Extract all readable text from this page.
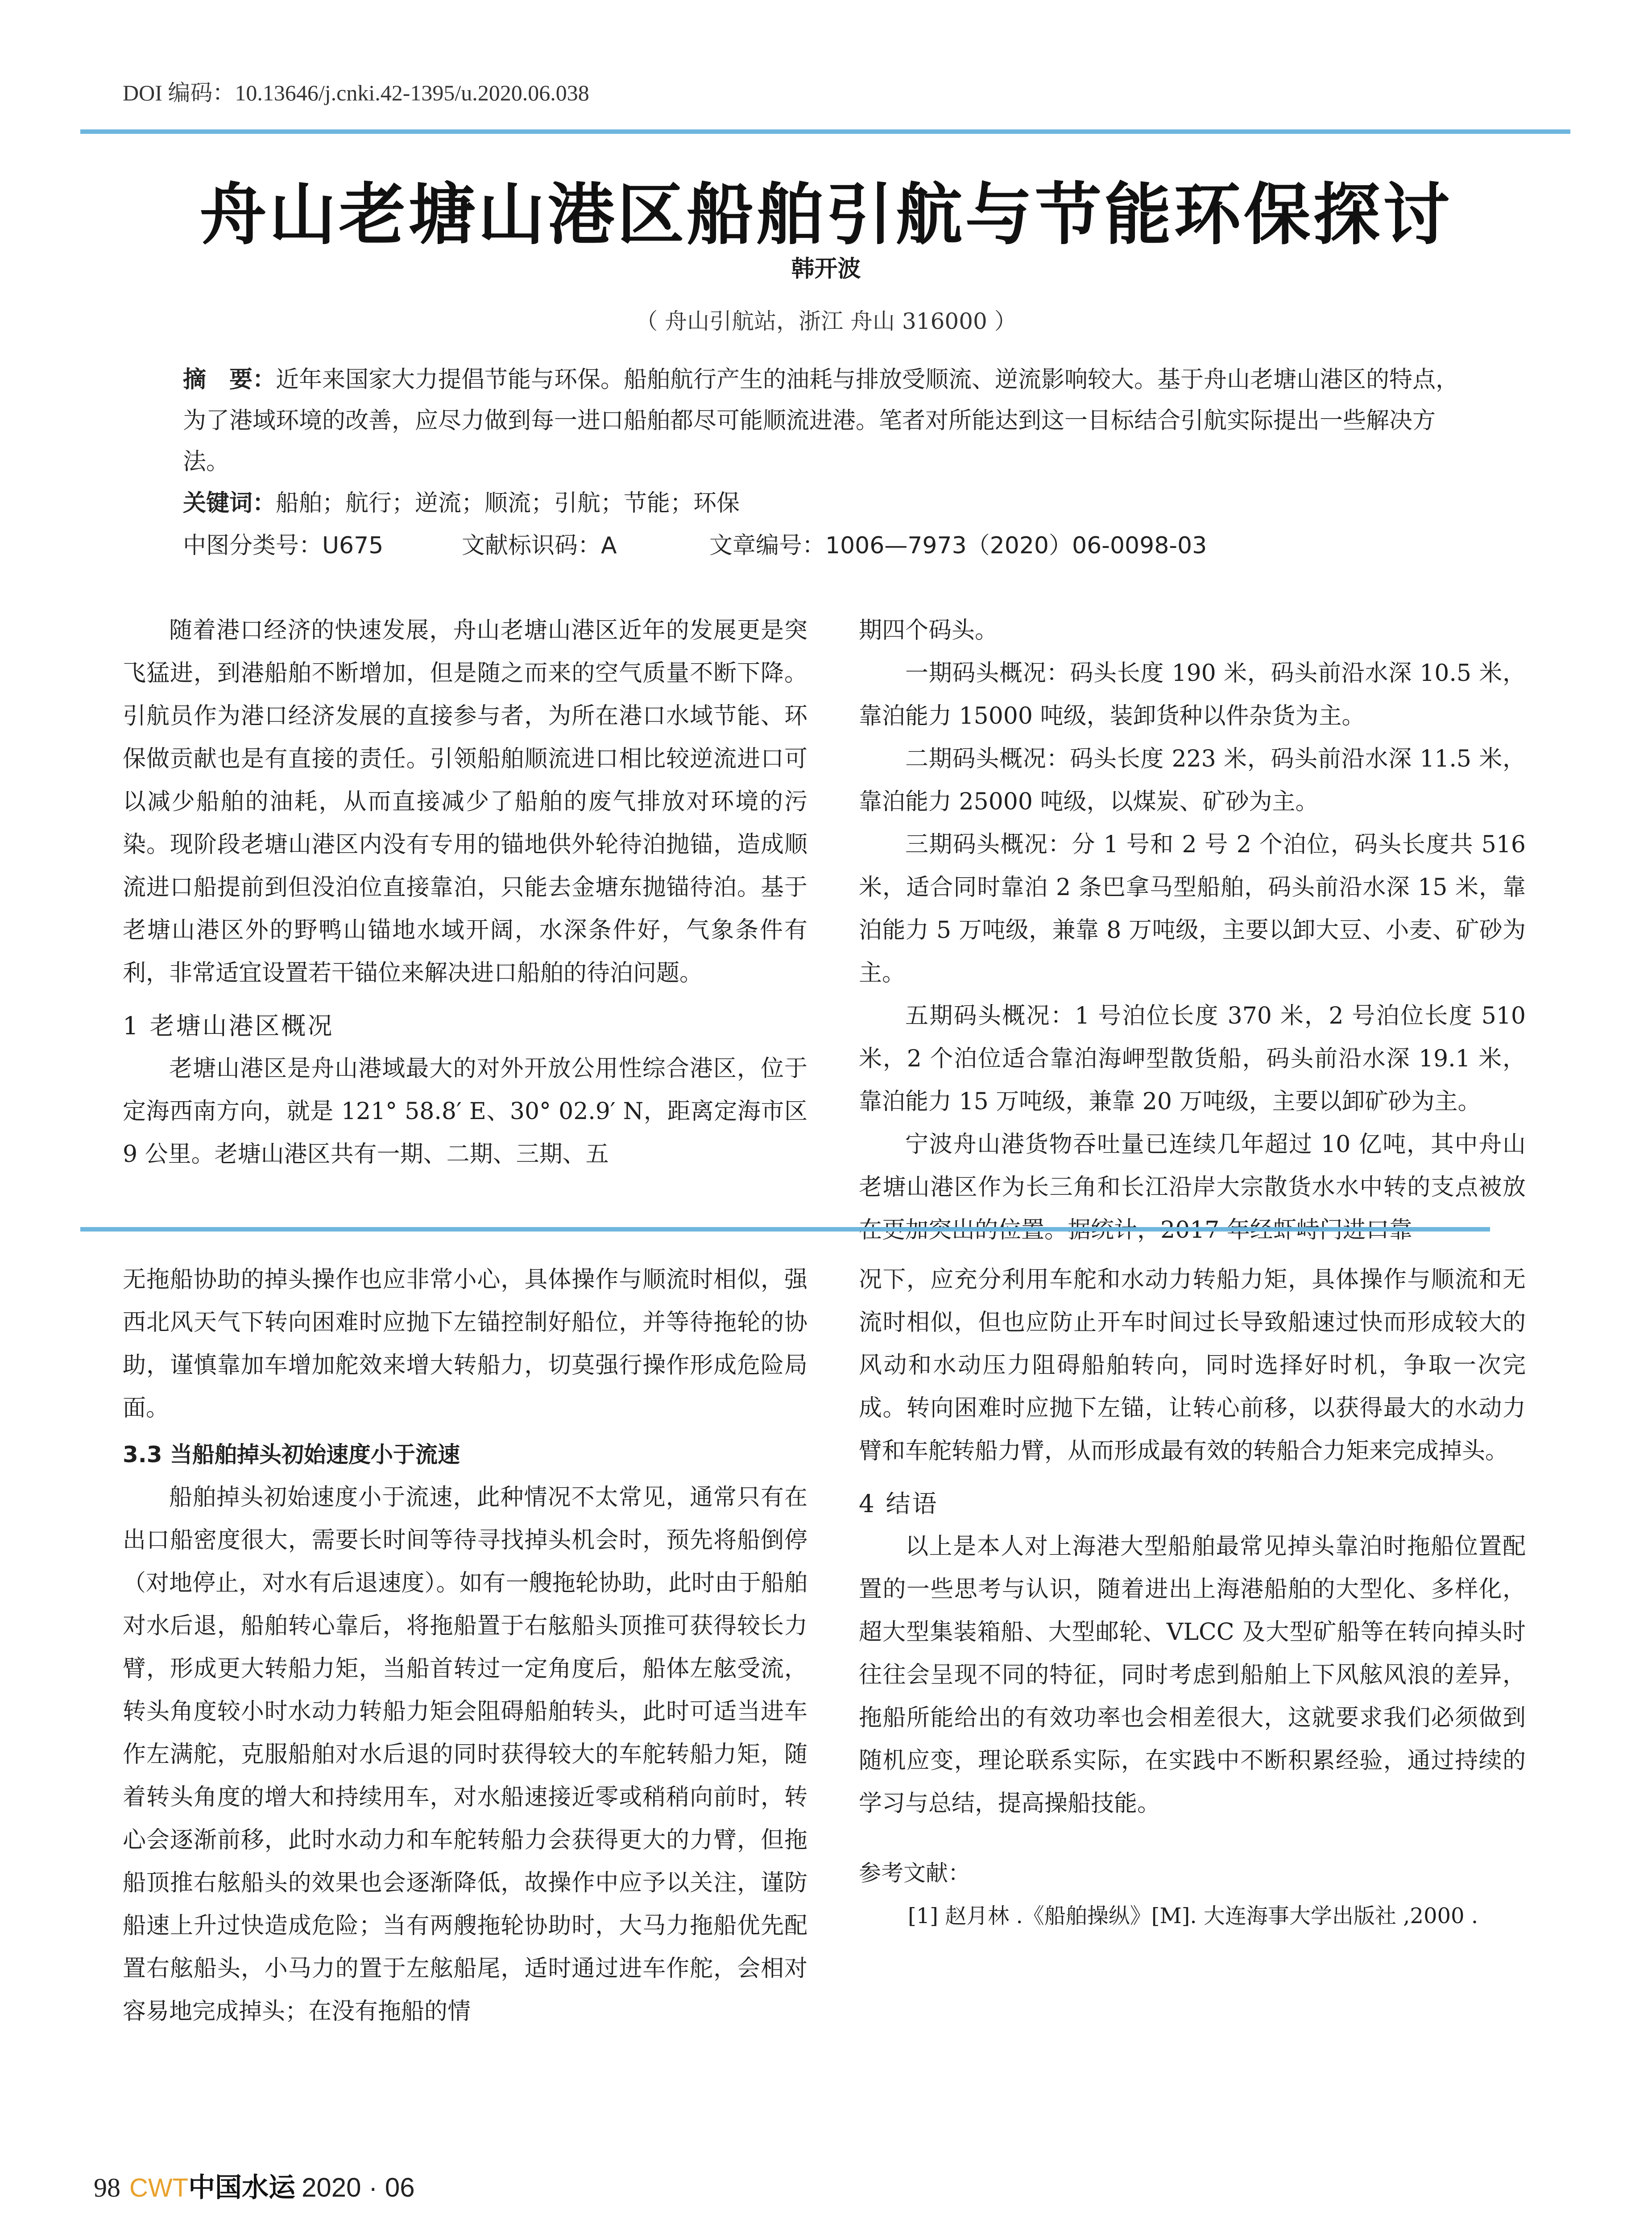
DOI 编码：10.13646/j.cnki.42-1395/u.2020.06.038
舟山老塘山港区船舶引航与节能环保探讨
韩开波
（ 舟山引航站，浙江 舟山 316000 ）
摘　要：近年来国家大力提倡节能与环保。船舶航行产生的油耗与排放受顺流、逆流影响较大。基于舟山老塘山港区的特点，为了港域环境的改善，应尽力做到每一进口船舶都尽可能顺流进港。笔者对所能达到这一目标结合引航实际提出一些解决方法。
关键词：船舶；航行；逆流；顺流；引航；节能；环保
中图分类号：U675	文献标识码：A	文章编号：1006—7973（2020）06-0098-03

随着港口经济的快速发展，舟山老塘山港区近年的发展更是突飞猛进，到港船舶不断增加，但是随之而来的空气质量不断下降。引航员作为港口经济发展的直接参与者，为所在港口水域节能、环保做贡献也是有直接的责任。引领船舶顺流进口相比较逆流进口可以减少船舶的油耗，从而直接减少了船舶的废气排放对环境的污染。现阶段老塘山港区内没有专用的锚地供外轮待泊抛锚，造成顺流进口船提前到但没泊位直接靠泊，只能去金塘东抛锚待泊。基于老塘山港区外的野鸭山锚地水域开阔，水深条件好，气象条件有利，非常适宜设置若干锚位来解决进口船舶的待泊问题。

1 老塘山港区概况

老塘山港区是舟山港域最大的对外开放公用性综合港区，位于定海西南方向，就是 121° 58.8′ E、30° 02.9′ N，距离定海市区 9 公里。老塘山港区共有一期、二期、三期、五

期四个码头。

一期码头概况：码头长度 190 米，码头前沿水深 10.5 米，靠泊能力 15000 吨级，装卸货种以件杂货为主。

二期码头概况：码头长度 223 米，码头前沿水深 11.5 米，靠泊能力 25000 吨级，以煤炭、矿砂为主。

三期码头概况：分 1 号和 2 号 2 个泊位，码头长度共 516 米，适合同时靠泊 2 条巴拿马型船舶，码头前沿水深 15 米，靠泊能力 5 万吨级，兼靠 8 万吨级，主要以卸大豆、小麦、矿砂为主。

五期码头概况：1 号泊位长度 370 米，2 号泊位长度 510 米，2 个泊位适合靠泊海岬型散货船，码头前沿水深 19.1 米，靠泊能力 15 万吨级，兼靠 20 万吨级，主要以卸矿砂为主。

宁波舟山港货物吞吐量已连续几年超过 10 亿吨，其中舟山老塘山港区作为长三角和长江沿岸大宗散货水水中转的支点被放

无拖船协助的掉头操作也应非常小心，具体操作与顺流时相似，强西北风天气下转向困难时应抛下左锚控制好船位，并等待拖轮的协助，谨慎靠加车增加舵效来增大转船力，切莫强行操作形成危险局面。

3.3 当船舶掉头初始速度小于流速

船舶掉头初始速度小于流速，此种情况不太常见，通常只有在出口船密度很大，需要长时间等待寻找掉头机会时，预先将船倒停（对地停止，对水有后退速度）。如有一艘拖轮协助，此时由于船舶对水后退，船舶转心靠后，将拖船置于右舷船头顶推可获得较长力臂，形成更大转船力矩，当船首转过一定角度后，船体左舷受流，转头角度较小时水动力转船力矩会阻碍船舶转头，此时可适当进车作左满舵，克服船舶对水后退的同时获得较大的车舵转船力矩，随着转头角度的增大和持续用车，对水船速接近零或稍稍向前时，转心会逐渐前移，此时水动力和车舵转船力会获得更大的力臂，但拖船顶推右舷船头的效果也会逐渐降低，故操作中应予以关注，谨防船速上升过快造成危险；当有两艘拖轮协助时，大马力拖船优先配置右舷船头，小马力的置于左舷船尾，适时通过进车作舵，会相对容易地完成掉头；在没有拖船的情

况下，应充分利用车舵和水动力转船力矩，具体操作与顺流和无流时相似，但也应防止开车时间过长导致船速过快而形成较大的风动和水动压力阻碍船舶转向，同时选择好时机，争取一次完成。转向困难时应抛下左锚，让转心前移，以获得最大的水动力臂和车舵转船力臂，从而形成最有效的转船合力矩来完成掉头。

4 结语

以上是本人对上海港大型船舶最常见掉头靠泊时拖船位置配置的一些思考与认识，随着进出上海港船舶的大型化、多样化，超大型集装箱船、大型邮轮、VLCC 及大型矿船等在转向掉头时往往会呈现不同的特征，同时考虑到船舶上下风舷风浪的差异，拖船所能给出的有效功率也会相差很大，这就要求我们必须做到随机应变，理论联系实际，在实践中不断积累经验，通过持续的学习与总结，提高操船技能。

参考文献：

[1] 赵月林 .《船舶操纵》[M]. 大连海事大学出版社 ,2000 .

98 CWT中国水运 2020 · 06
